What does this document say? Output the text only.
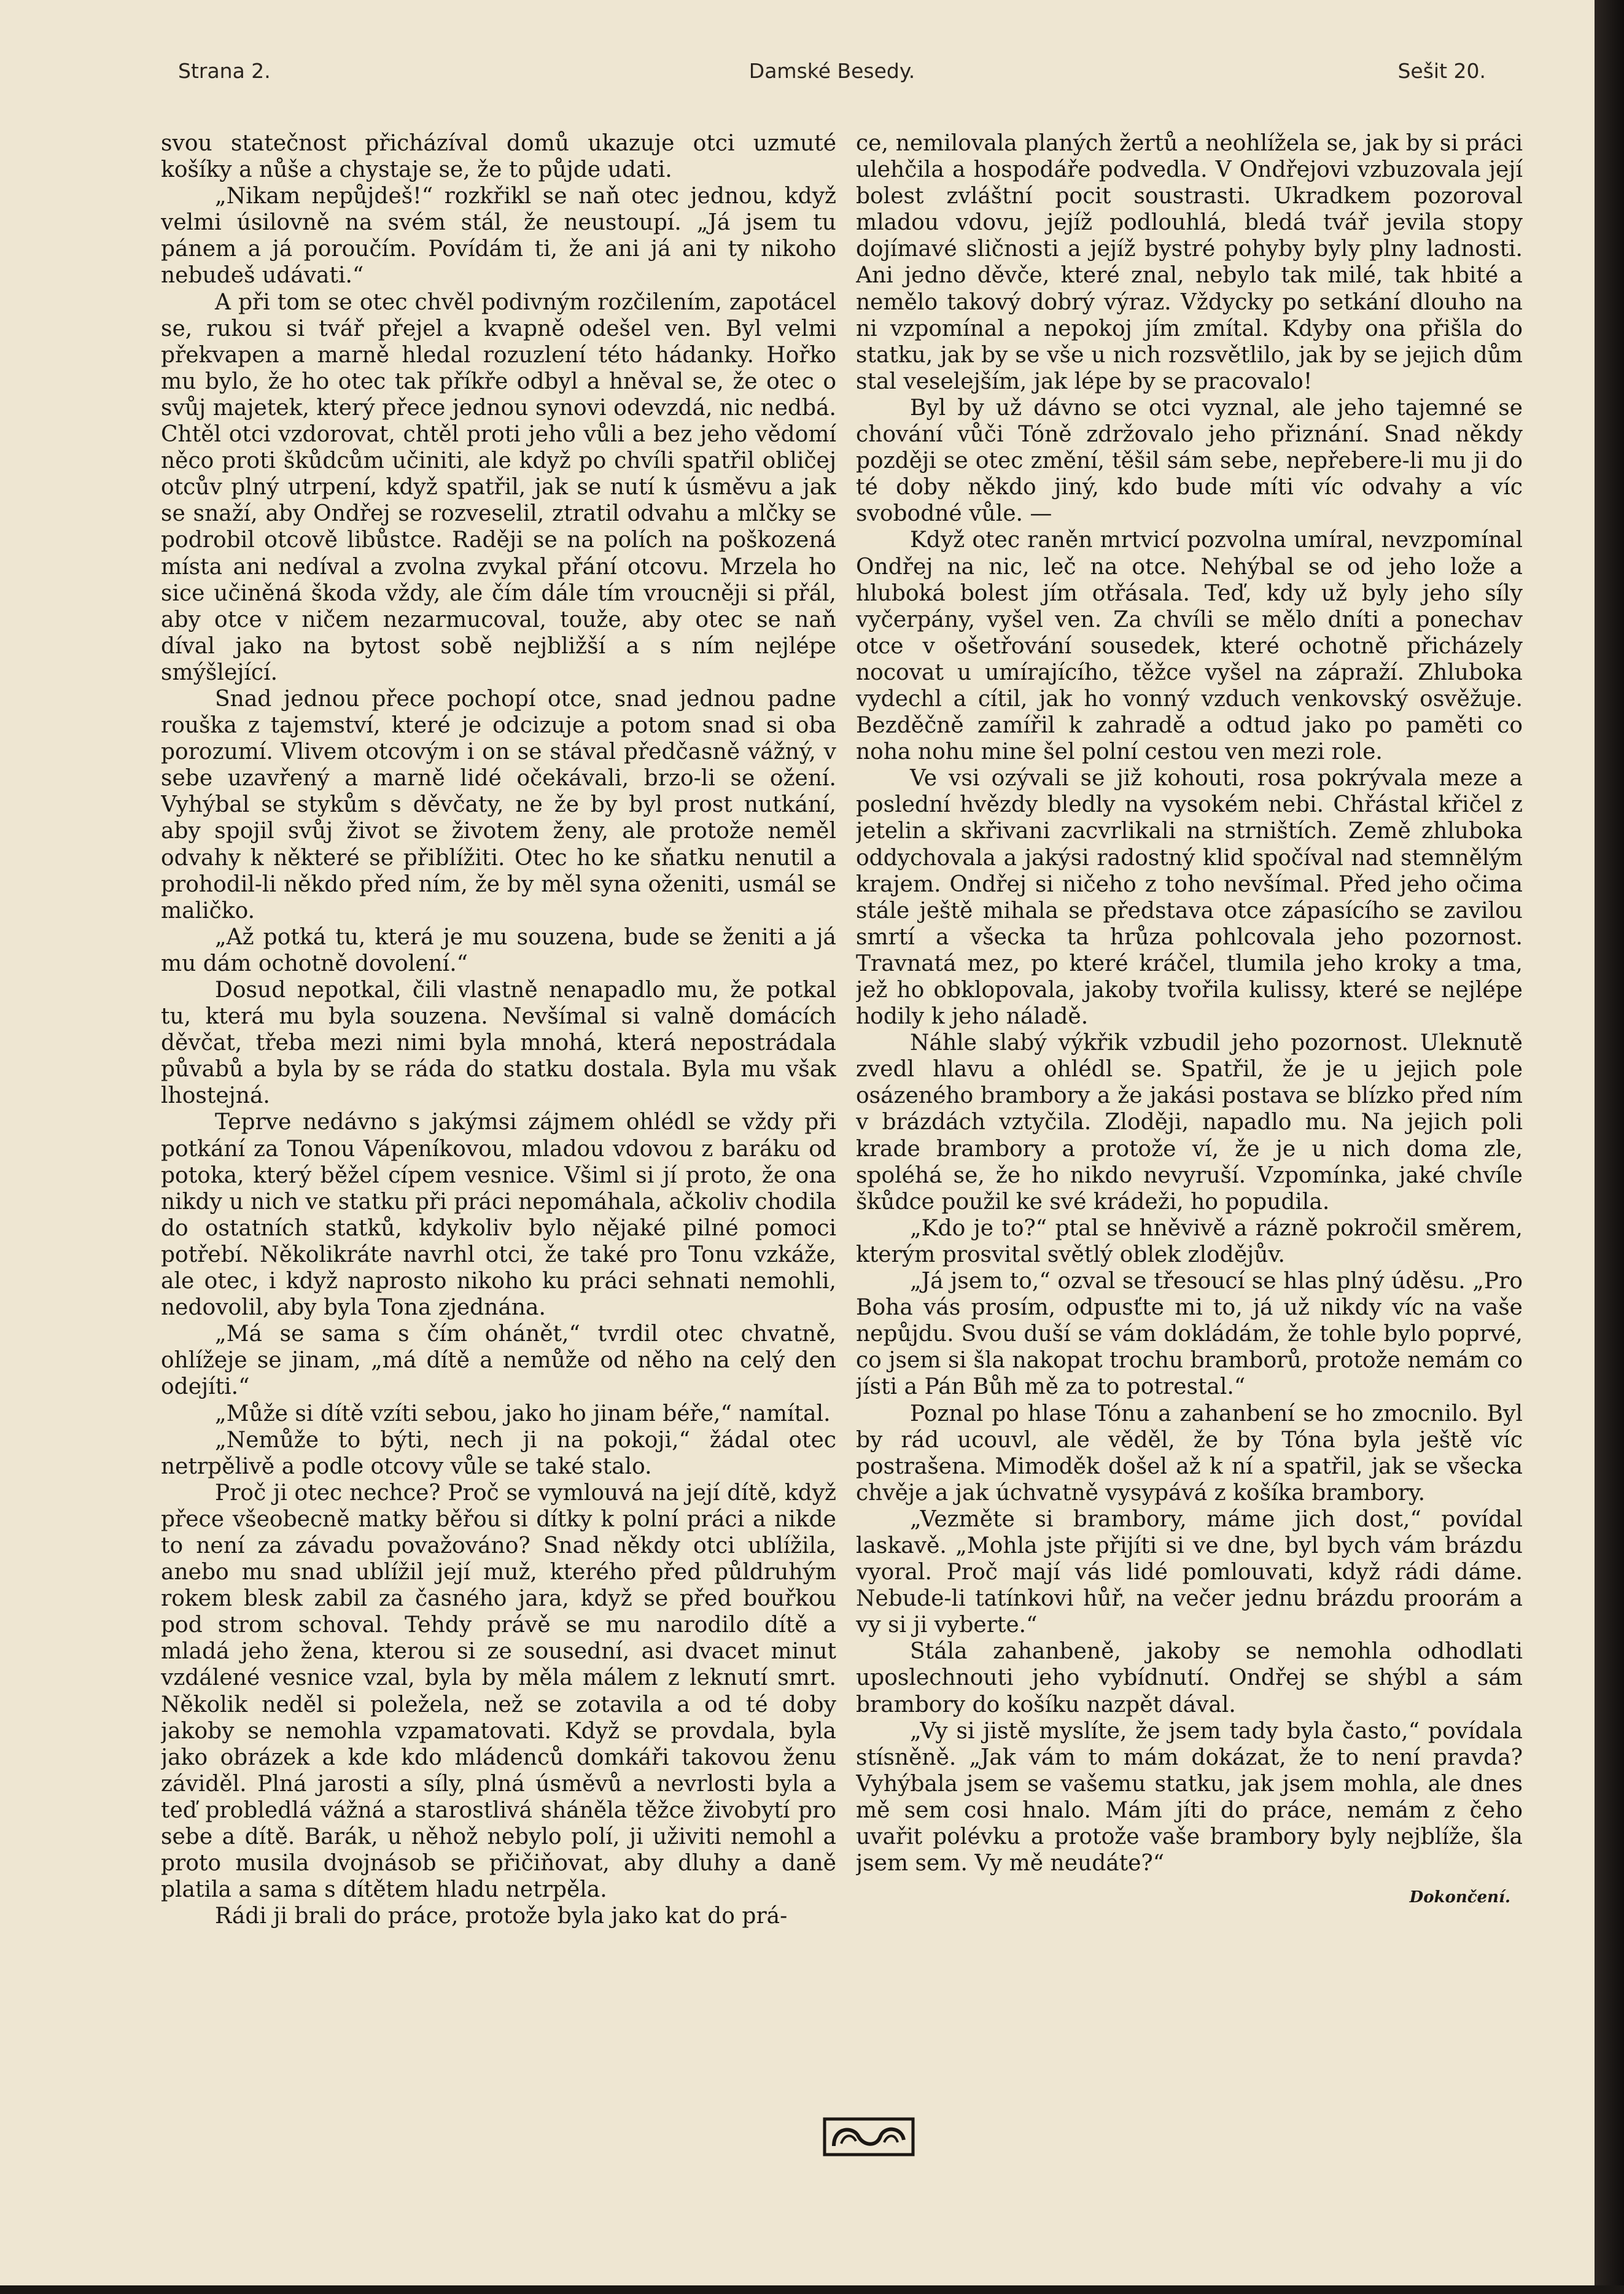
Strana 2.	Damské Besedy.	Sešit 20.

svou statečnost přicházíval domů ukazuje otci uzmuté košíky a nůše a chystaje se, že to půjde udati.

„Nikam nepůjdeš!“ rozkřikl se naň otec jednou, když velmi úsilovně na svém stál, že neustoupí. „Já jsem tu pánem a já poroučím. Povídám ti, že ani já ani ty nikoho nebudeš udávati.“

A při tom se otec chvěl podivným rozčilením, zapotácel se, rukou si tvář přejel a kvapně odešel ven. Byl velmi překvapen a marně hledal rozuzlení této hádanky. Hořko mu bylo, že ho otec tak příkře odbyl a hněval se, že otec o svůj majetek, který přece jednou synovi odevzdá, nic nedbá. Chtěl otci vzdorovat, chtěl proti jeho vůli a bez jeho vědomí něco proti škůdcům učiniti, ale když po chvíli spatřil obličej otcův plný utrpení, když spatřil, jak se nutí k úsměvu a jak se snaží, aby Ondřej se rozveselil, ztratil odvahu a mlčky se podrobil otcově libůstce. Raději se na polích na poškozená místa ani nedíval a zvolna zvykal přání otcovu. Mrzela ho sice učiněná škoda vždy, ale čím dále tím vroucněji si přál, aby otce v ničem nezarmucoval, touže, aby otec se naň díval jako na bytost sobě nejbližší a s ním nejlépe smýšlející.

Snad jednou přece pochopí otce, snad jednou padne rouška z tajemství, které je odcizuje a potom snad si oba porozumí. Vlivem otcovým i on se stával předčasně vážný, v sebe uzavřený a marně lidé očekávali, brzo-li se ožení. Vyhýbal se stykům s děvčaty, ne že by byl prost nutkání, aby spojil svůj život se životem ženy, ale protože neměl odvahy k některé se přiblížiti. Otec ho ke sňatku nenutil a prohodil-li někdo před ním, že by měl syna oženiti, usmál se maličko.

„Až potká tu, která je mu souzena, bude se ženiti a já mu dám ochotně dovolení.“

Dosud nepotkal, čili vlastně nenapadlo mu, že potkal tu, která mu byla souzena. Nevšímal si valně domácích děvčat, třeba mezi nimi byla mnohá, která nepostrádala půvabů a byla by se ráda do statku dostala. Byla mu však lhostejná.

Teprve nedávno s jakýmsi zájmem ohlédl se vždy při potkání za Tonou Vápeníkovou, mladou vdovou z baráku od potoka, který běžel cípem vesnice. Všiml si jí proto, že ona nikdy u nich ve statku při práci nepomáhala, ačkoliv chodila do ostatních statků, kdykoliv bylo nějaké pilné pomoci potřebí. Několikráte navrhl otci, že také pro Tonu vzkáže, ale otec, i když naprosto nikoho ku práci sehnati nemohli, nedovolil, aby byla Tona zjednána.

„Má se sama s čím ohánět,“ tvrdil otec chvatně, ohlížeje se jinam, „má dítě a nemůže od něho na celý den odejíti.“

„Může si dítě vzíti sebou, jako ho jinam béře,“ namítal.

„Nemůže to býti, nech ji na pokoji,“ žádal otec netrpělivě a podle otcovy vůle se také stalo.

Proč ji otec nechce? Proč se vymlouvá na její dítě, když přece všeobecně matky běřou si dítky k polní práci a nikde to není za závadu považováno? Snad někdy otci ublížila, anebo mu snad ublížil její muž, kterého před půldruhým rokem blesk zabil za časného jara, když se před bouřkou pod strom schoval. Tehdy právě se mu narodilo dítě a mladá jeho žena, kterou si ze sousední, asi dvacet minut vzdálené vesnice vzal, byla by měla málem z leknutí smrt. Několik neděl si poležela, než se zotavila a od té doby jakoby se nemohla vzpamatovati. Když se provdala, byla jako obrázek a kde kdo mládenců domkáři takovou ženu záviděl. Plná jarosti a síly, plná úsměvů a nevrlosti byla a teď probledlá vážná a starostlivá sháněla těžce živobytí pro sebe a dítě. Barák, u něhož nebylo polí, ji uživiti nemohl a proto musila dvojnásob se přičiňovat, aby dluhy a daně platila a sama s dítětem hladu netrpěla.

Rádi ji brali do práce, protože byla jako kat do prá-

ce, nemilovala planých žertů a neohlížela se, jak by si práci ulehčila a hospodáře podvedla. V Ondřejovi vzbuzovala její bolest zvláštní pocit soustrasti. Ukradkem pozoroval mladou vdovu, jejíž podlouhlá, bledá tvář jevila stopy dojímavé sličnosti a jejíž bystré pohyby byly plny ladnosti. Ani jedno děvče, které znal, nebylo tak milé, tak hbité a nemělo takový dobrý výraz. Vždycky po setkání dlouho na ni vzpomínal a nepokoj jím zmítal. Kdyby ona přišla do statku, jak by se vše u nich rozsvětlilo, jak by se jejich dům stal veselejším, jak lépe by se pracovalo!

Byl by už dávno se otci vyznal, ale jeho tajemné se chování vůči Tóně zdržovalo jeho přiznání. Snad někdy později se otec změní, těšil sám sebe, nepřebere-li mu ji do té doby někdo jiný, kdo bude míti víc odvahy a víc svobodné vůle. —

Když otec raněn mrtvicí pozvolna umíral, nevzpomínal Ondřej na nic, leč na otce. Nehýbal se od jeho lože a hluboká bolest jím otřásala. Teď, kdy už byly jeho síly vyčerpány, vyšel ven. Za chvíli se mělo dníti a ponechav otce v ošetřování sousedek, které ochotně přicházely nocovat u umírajícího, těžce vyšel na zápraží. Zhluboka vydechl a cítil, jak ho vonný vzduch venkovský osvěžuje. Bezděčně zamířil k zahradě a odtud jako po paměti co noha nohu mine šel polní cestou ven mezi role.

Ve vsi ozývali se již kohouti, rosa pokrývala meze a poslední hvězdy bledly na vysokém nebi. Chřástal křičel z jetelin a skřivani zacvrlikali na strništích. Země zhluboka oddychovala a jakýsi radostný klid spočíval nad stemnělým krajem. Ondřej si ničeho z toho nevšímal. Před jeho očima stále ještě mihala se představa otce zápasícího se zavilou smrtí a všecka ta hrůza pohlcovala jeho pozornost. Travnatá mez, po které kráčel, tlumila jeho kroky a tma, jež ho obklopovala, jakoby tvořila kulissy, které se nejlépe hodily k jeho náladě.

Náhle slabý výkřik vzbudil jeho pozornost. Uleknutě zvedl hlavu a ohlédl se. Spatřil, že je u jejich pole osázeného brambory a že jakási postava se blízko před ním v brázdách vztyčila. Zloději, napadlo mu. Na jejich poli krade brambory a protože ví, že je u nich doma zle, spoléhá se, že ho nikdo nevyruší. Vzpomínka, jaké chvíle škůdce použil ke své krádeži, ho popudila.

„Kdo je to?“ ptal se hněvivě a rázně pokročil směrem, kterým prosvital světlý oblek zlodějův.

„Já jsem to,“ ozval se třesoucí se hlas plný úděsu. „Pro Boha vás prosím, odpusťte mi to, já už nikdy víc na vaše nepůjdu. Svou duší se vám dokládám, že tohle bylo poprvé, co jsem si šla nakopat trochu bramborů, protože nemám co jísti a Pán Bůh mě za to potrestal.“

Poznal po hlase Tónu a zahanbení se ho zmocnilo. Byl by rád ucouvl, ale věděl, že by Tóna byla ještě víc postrašena. Mimoděk došel až k ní a spatřil, jak se všecka chvěje a jak úchvatně vysypává z košíka brambory.

„Vezměte si brambory, máme jich dost,“ povídal laskavě. „Mohla jste přijíti si ve dne, byl bych vám brázdu vyoral. Proč mají vás lidé pomlouvati, když rádi dáme. Nebude-li tatínkovi hůř, na večer jednu brázdu proorám a vy si ji vyberte.“

Stála zahanbeně, jakoby se nemohla odhodlati uposlechnouti jeho vybídnutí. Ondřej se shýbl a sám brambory do košíku nazpět dával.

„Vy si jistě myslíte, že jsem tady byla často,“ povídala stísněně. „Jak vám to mám dokázat, že to není pravda? Vyhýbala jsem se vašemu statku, jak jsem mohla, ale dnes mě sem cosi hnalo. Mám jíti do práce, nemám z čeho uvařit polévku a protože vaše brambory byly nejblíže, šla jsem sem. Vy mě neudáte?“

Dokončení.
